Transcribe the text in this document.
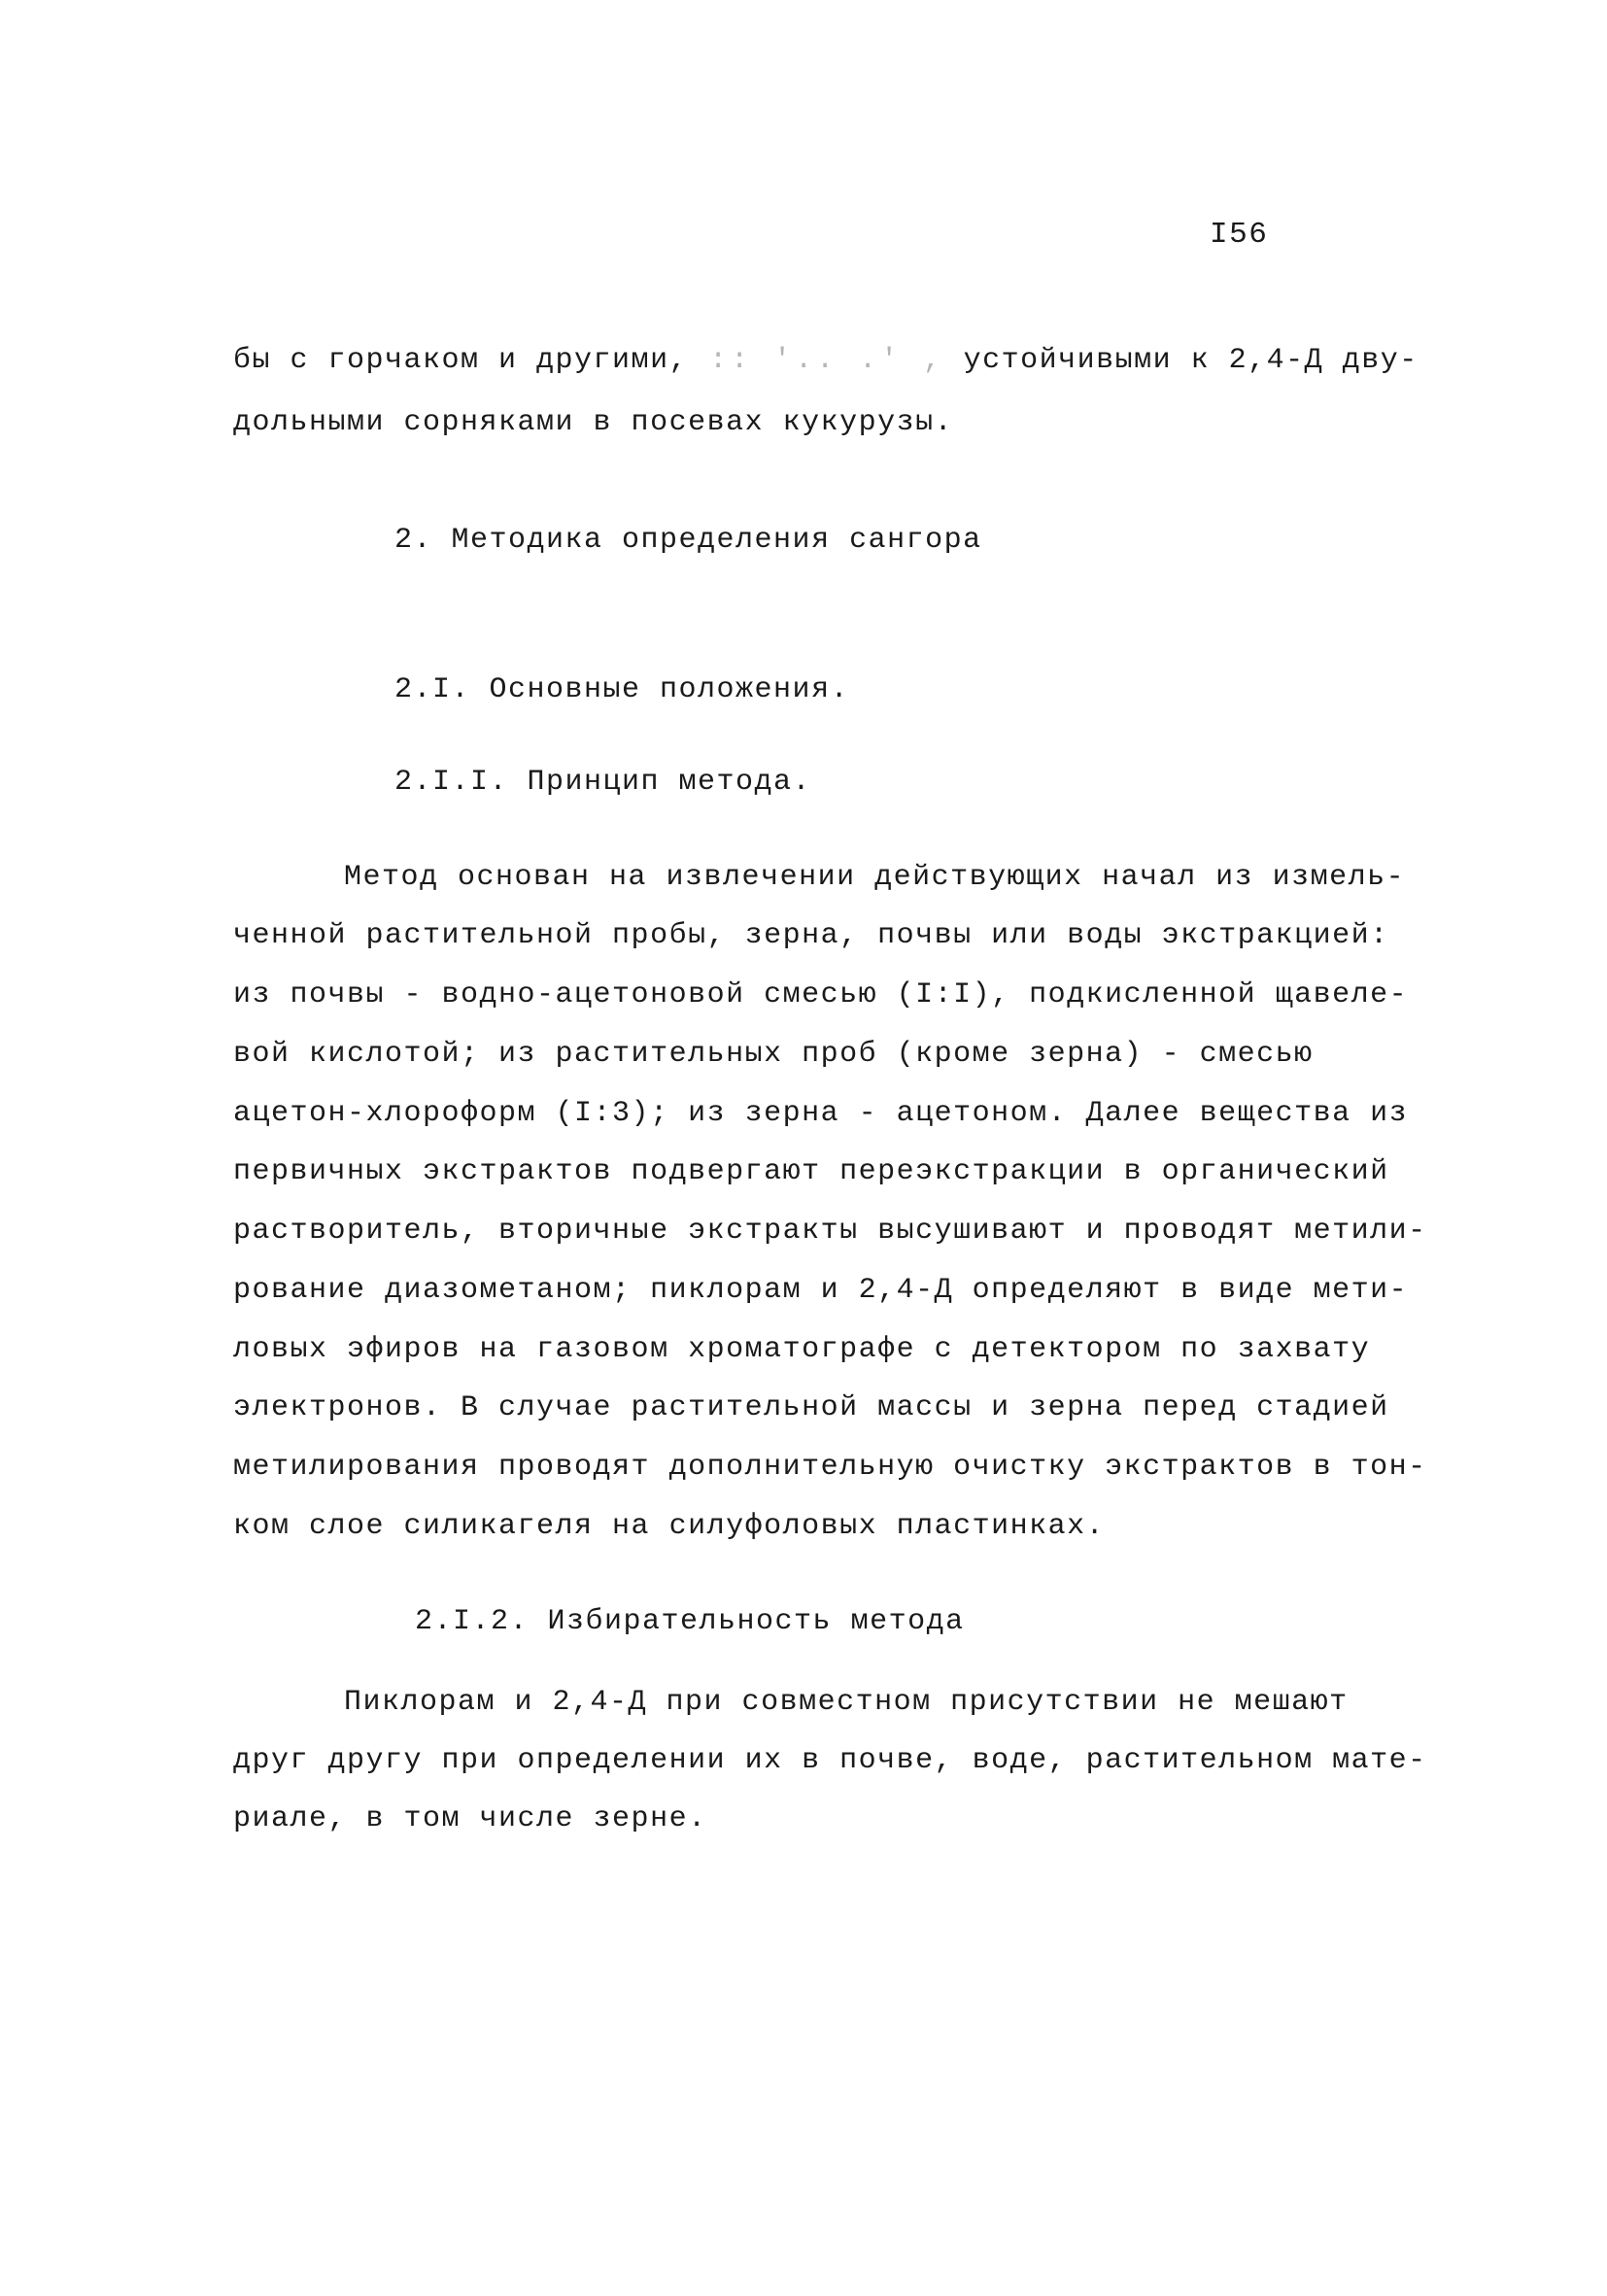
I56
бы с горчаком и другими, :: '.. .' , устойчивыми к 2,4-Д дву-
дольными сорняками в посевах кукурузы.
2. Методика определения сангора
2.I. Основные положения.
2.I.I. Принцип метода.
Метод основан на извлечении действующих начал из измель-
ченной растительной пробы, зерна, почвы или воды экстракцией:
из почвы - водно-ацетоновой смесью (I:I), подкисленной щавеле-
вой кислотой; из растительных проб (кроме зерна) - смесью
ацетон-хлороформ (I:3); из зерна - ацетоном. Далее вещества из
первичных экстрактов подвергают переэкстракции в органический
растворитель, вторичные экстракты высушивают и проводят метили-
рование диазометаном; пиклорам и 2,4-Д определяют в виде мети-
ловых эфиров на газовом хроматографе с детектором по захвату
электронов. В случае растительной массы и зерна перед стадией
метилирования проводят дополнительную очистку экстрактов в тон-
ком слое силикагеля на силуфоловых пластинках.
2.I.2. Избирательность метода
Пиклорам и 2,4-Д при совместном присутствии не мешают
друг другу при определении их в почве, воде, растительном мате-
риале, в том числе зерне.
